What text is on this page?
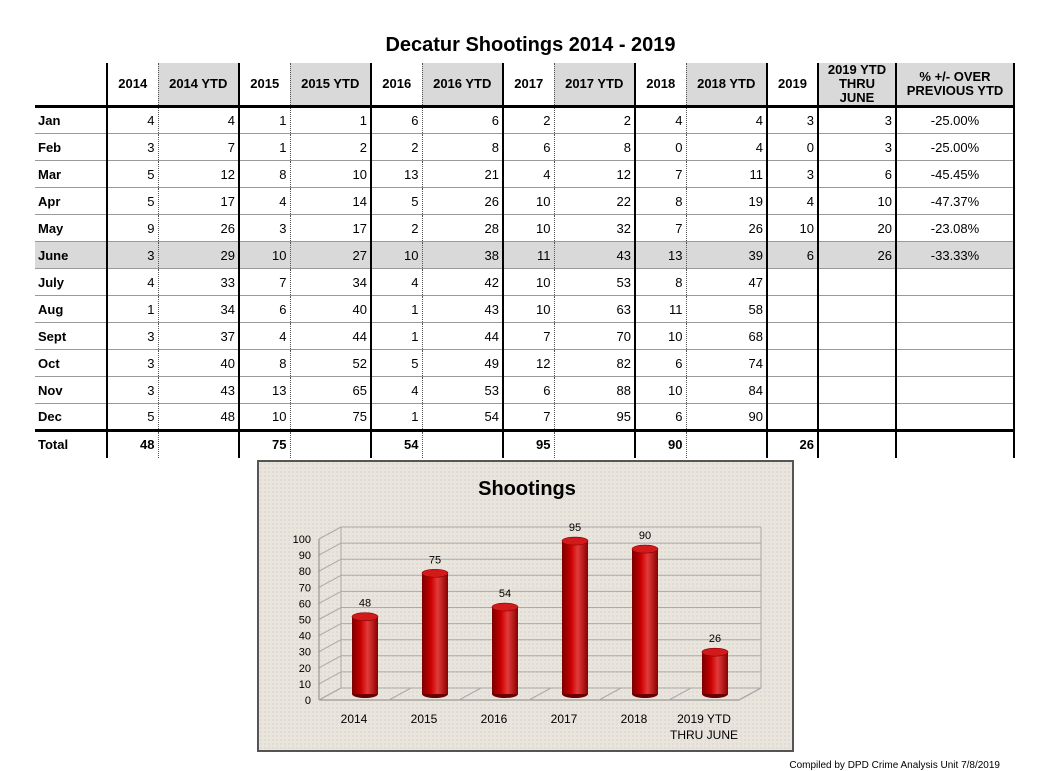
Decatur Shootings 2014 - 2019
	2014	2014 YTD	2015	2015 YTD	2016	2016 YTD	2017	2017 YTD	2018	2018 YTD	2019	2019 YTD THRU JUNE	% +/- OVER PREVIOUS YTD
Jan	4	4	1	1	6	6	2	2	4	4	3	3	-25.00%
Feb	3	7	1	2	2	8	6	8	0	4	0	3	-25.00%
Mar	5	12	8	10	13	21	4	12	7	11	3	6	-45.45%
Apr	5	17	4	14	5	26	10	22	8	19	4	10	-47.37%
May	9	26	3	17	2	28	10	32	7	26	10	20	-23.08%
June	3	29	10	27	10	38	11	43	13	39	6	26	-33.33%
July	4	33	7	34	4	42	10	53	8	47			
Aug	1	34	6	40	1	43	10	63	11	58			
Sept	3	37	4	44	1	44	7	70	10	68			
Oct	3	40	8	52	5	49	12	82	6	74			
Nov	3	43	13	65	4	53	6	88	10	84			
Dec	5	48	10	75	1	54	7	95	6	90			
Total	48		75		54		95		90		26		
Shootings
0
10
20
30
40
50
60
70
80
90
100
48
2014
75
2015
54
2016
95
2017
90
2018
26
2019 YTD
THRU JUNE
Compiled by DPD Crime Analysis Unit 7/8/2019
